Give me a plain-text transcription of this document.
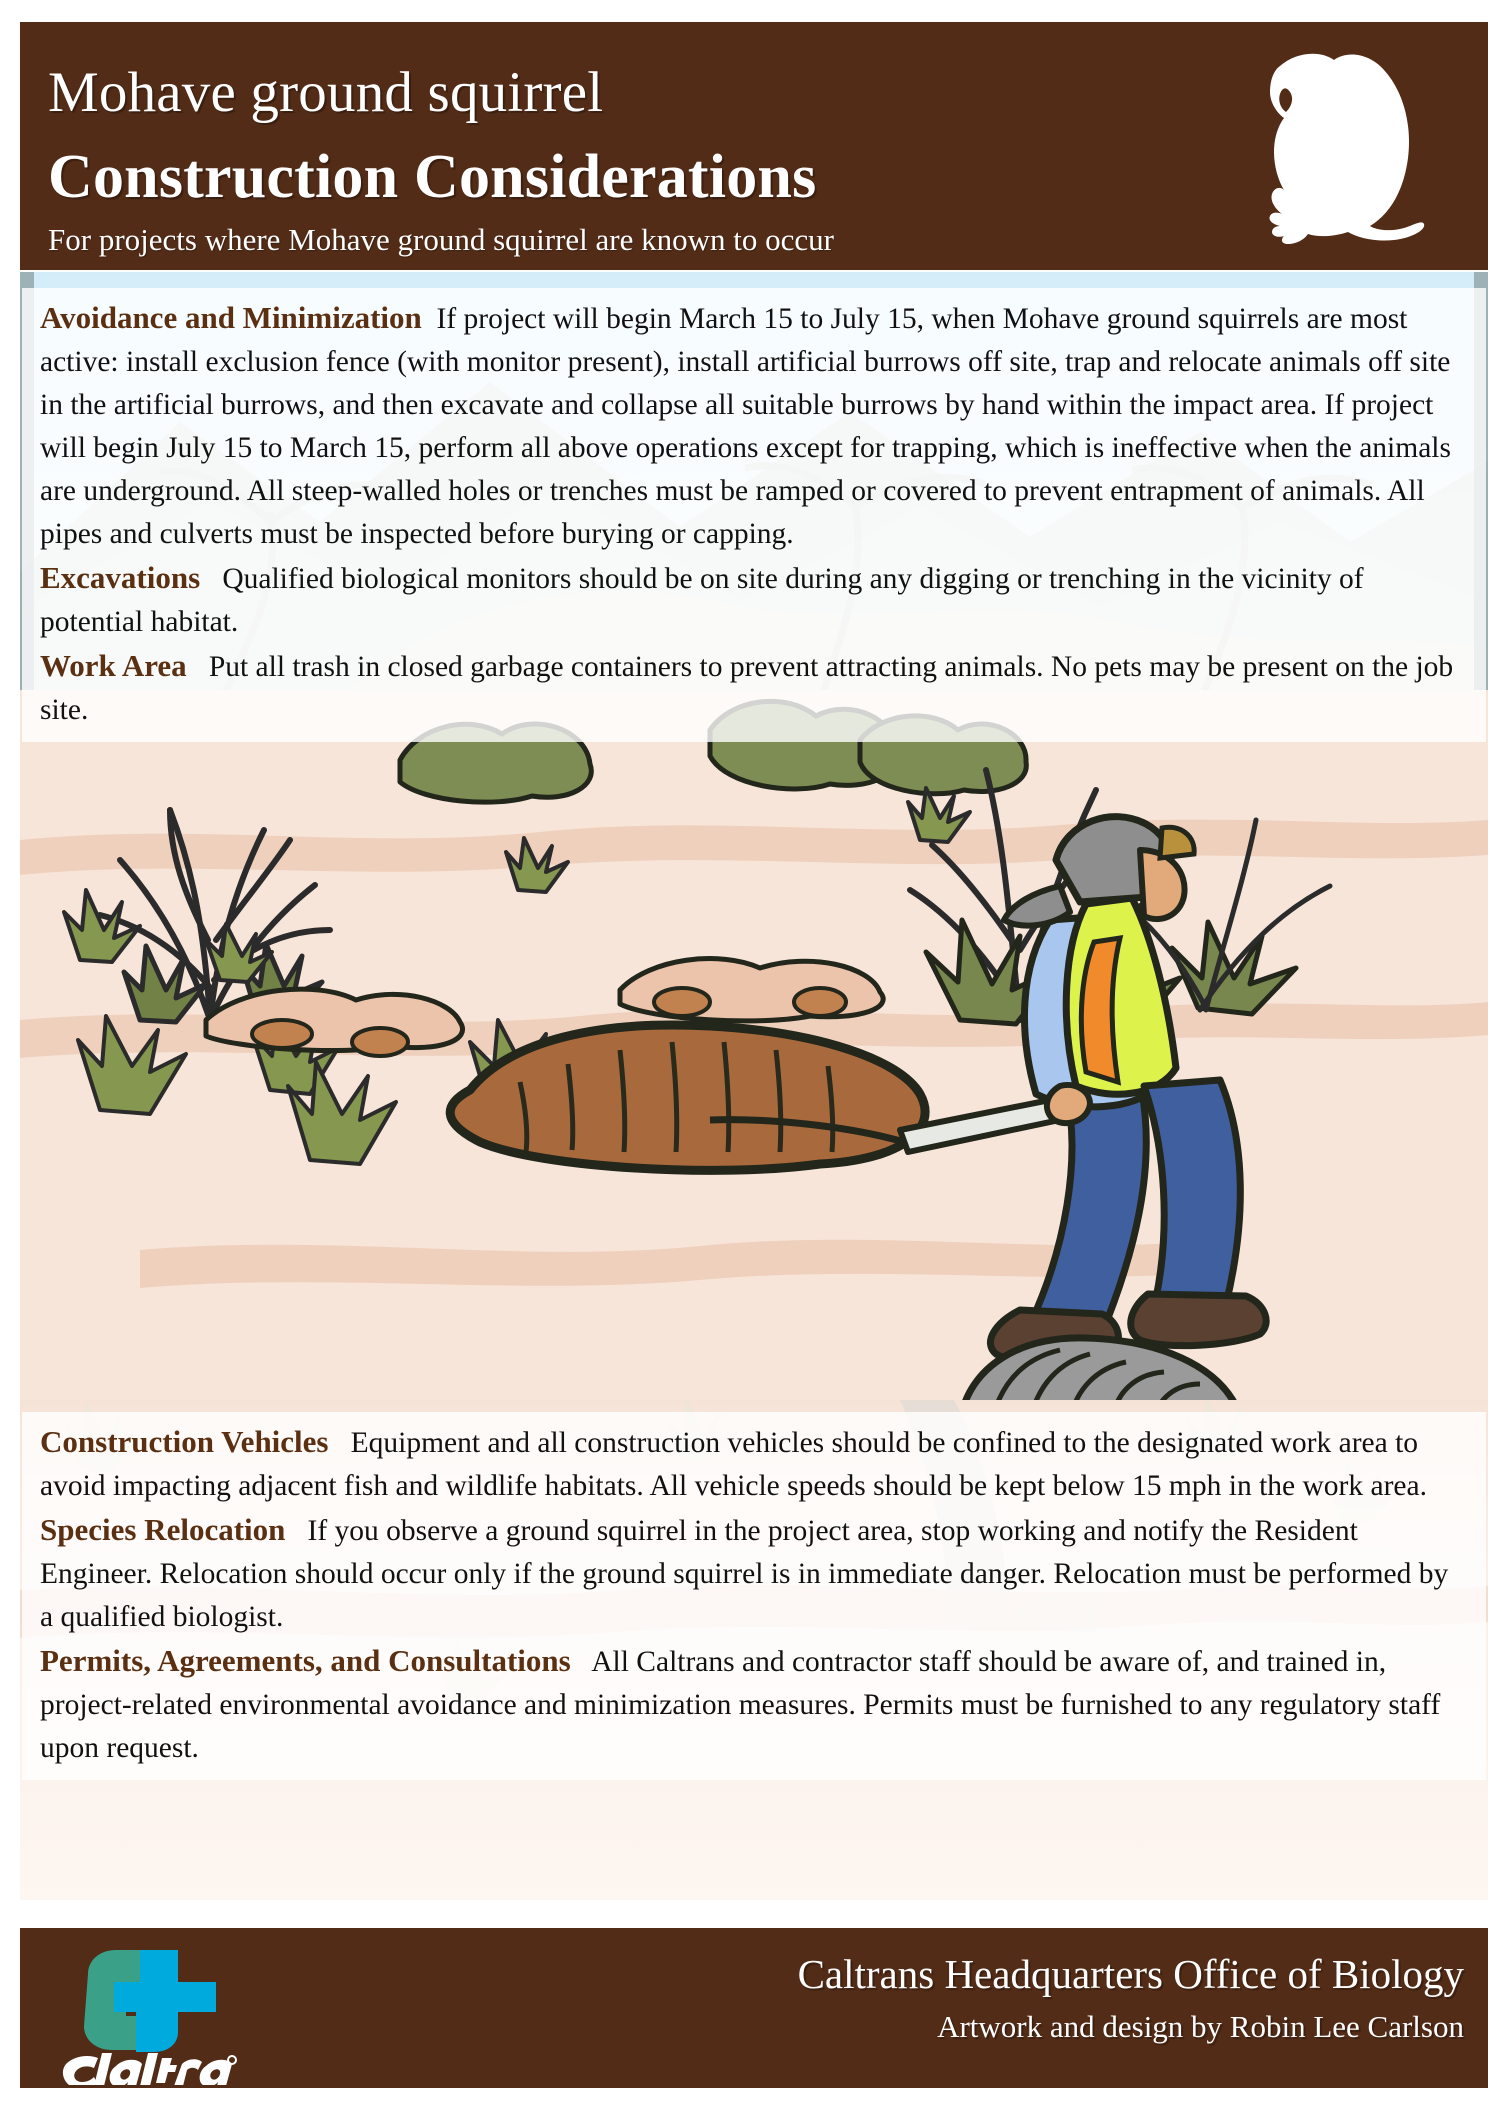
Mohave ground squirrel
Construction Considerations
For projects where Mohave ground squirrel are known to occur

Avoidance and Minimization If project will begin March 15 to July 15, when Mohave ground squirrels are most active: install exclusion fence (with monitor present), install artificial burrows off site, trap and relocate animals off site in the artificial burrows, and then excavate and collapse all suitable burrows by hand within the impact area. If project will begin July 15 to March 15, perform all above operations except for trapping, which is ineffective when the animals are underground. All steep-walled holes or trenches must be ramped or covered to prevent entrapment of animals. All pipes and culverts must be inspected before burying or capping.

Excavations Qualified biological monitors should be on site during any digging or trenching in the vicinity of potential habitat.

Work Area Put all trash in closed garbage containers to prevent attracting animals. No pets may be present on the job site.

Construction Vehicles Equipment and all construction vehicles should be confined to the designated work area to avoid impacting adjacent fish and wildlife habitats. All vehicle speeds should be kept below 15 mph in the work area.

Species Relocation If you observe a ground squirrel in the project area, stop working and notify the Resident Engineer. Relocation should occur only if the ground squirrel is in immediate danger. Relocation must be performed by a qualified biologist.

Permits, Agreements, and Consultations All Caltrans and contractor staff should be aware of, and trained in, project-related environmental avoidance and minimization measures. Permits must be furnished to any regulatory staff upon request.

Caltrans Headquarters Office of Biology
Artwork and design by Robin Lee Carlson
